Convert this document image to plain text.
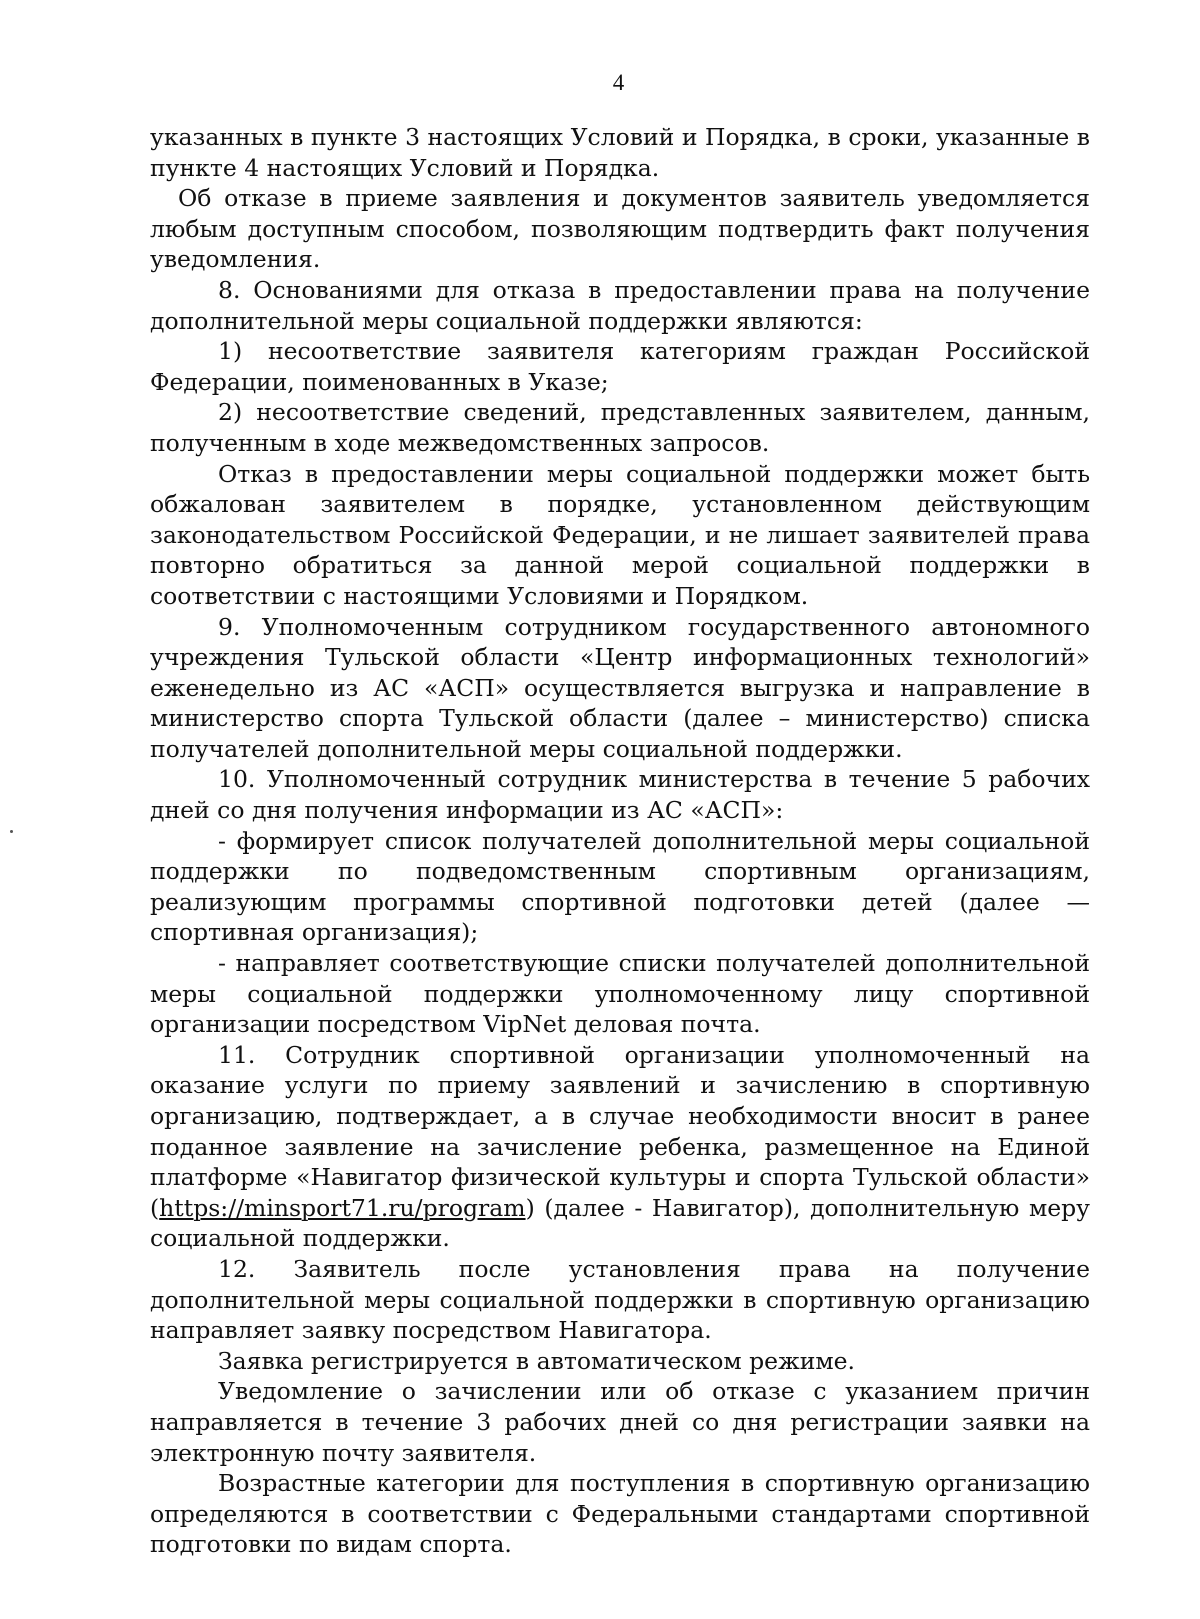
4

указанных в пункте 3 настоящих Условий и Порядка, в сроки, указанные в пункте 4 настоящих Условий и Порядка.

Об отказе в приеме заявления и документов заявитель уведомляется любым доступным способом, позволяющим подтвердить факт получения уведомления.

8. Основаниями для отказа в предоставлении права на получение дополнительной меры социальной поддержки являются:

1) несоответствие заявителя категориям граждан Российской Федерации, поименованных в Указе;

2) несоответствие сведений, представленных заявителем, данным, полученным в ходе межведомственных запросов.

Отказ в предоставлении меры социальной поддержки может быть обжалован заявителем в порядке, установленном действующим законодательством Российской Федерации, и не лишает заявителей права повторно обратиться за данной мерой социальной поддержки в соответствии с настоящими Условиями и Порядком.

9. Уполномоченным сотрудником государственного автономного учреждения Тульской области «Центр информационных технологий» еженедельно из АС «АСП» осуществляется выгрузка и направление в министерство спорта Тульской области (далее – министерство) списка получателей дополнительной меры социальной поддержки.

10. Уполномоченный сотрудник министерства в течение 5 рабочих дней со дня получения информации из АС «АСП»:

- формирует список получателей дополнительной меры социальной поддержки по подведомственным спортивным организациям, реализующим программы спортивной подготовки детей (далее — спортивная организация);

- направляет соответствующие списки получателей дополнительной меры социальной поддержки уполномоченному лицу спортивной организации посредством VipNet деловая почта.

11. Сотрудник спортивной организации уполномоченный на оказание услуги по приему заявлений и зачислению в спортивную организацию, подтверждает, а в случае необходимости вносит в ранее поданное заявление на зачисление ребенка, размещенное на Единой платформе «Навигатор физической культуры и спорта Тульской области» (https://minsport71.ru/program) (далее - Навигатор), дополнительную меру социальной поддержки.

12. Заявитель после установления права на получение дополнительной меры социальной поддержки в спортивную организацию направляет заявку посредством Навигатора.

Заявка регистрируется в автоматическом режиме.

Уведомление о зачислении или об отказе с указанием причин направляется в течение 3 рабочих дней со дня регистрации заявки на электронную почту заявителя.

Возрастные категории для поступления в спортивную организацию определяются в соответствии с Федеральными стандартами спортивной подготовки по видам спорта.
